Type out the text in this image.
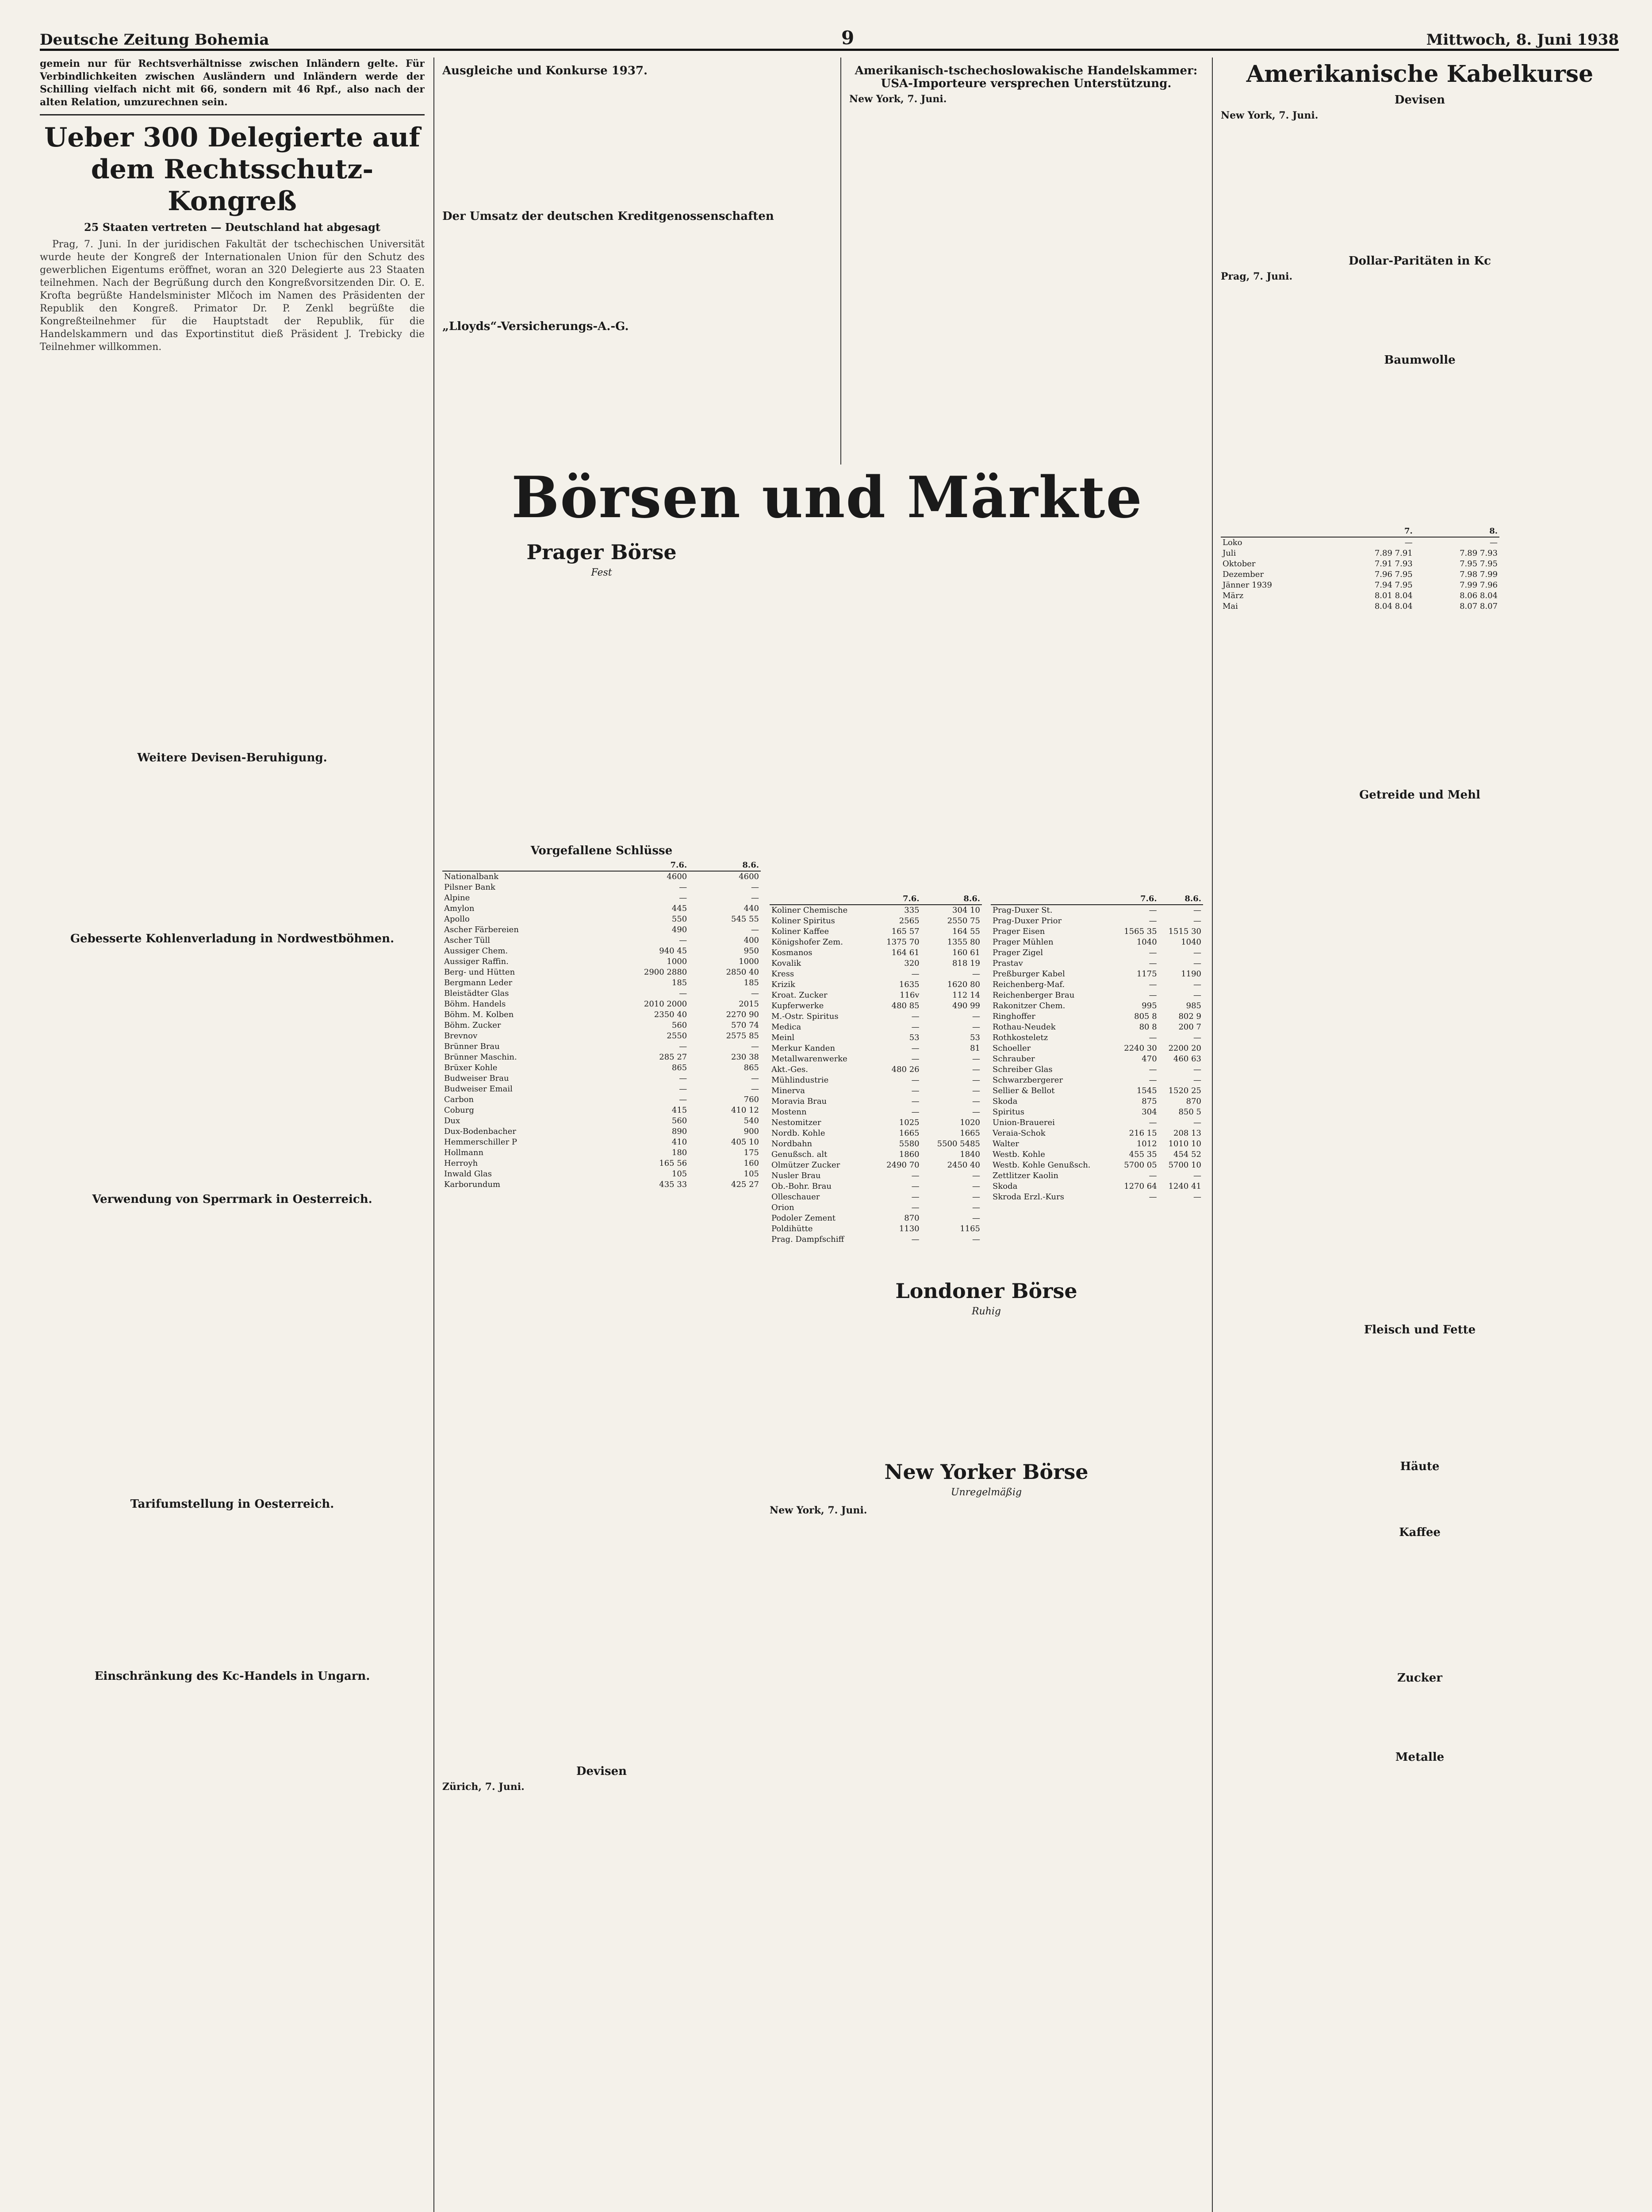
Deutsche Zeitung Bohemia	9	Mittwoch, 8. Juni 1938
gemein nur für Rechtsverhältnisse zwischen Inländern gelte. Für Verbindlichkeiten zwischen Ausländern und Inländern werde der Schilling vielfach nicht mit 66, sondern mit 46 Rpf., also nach der alten Relation, umzurechnen sein.
Ueber 300 Delegierte auf dem Rechtsschutz-Kongreß
25 Staaten vertreten — Deutschland hat abgesagt

Prag, 7. Juni. In der juridischen Fakultät der tschechischen Universität wurde heute der Kongreß der Internationalen Union für den Schutz des gewerblichen Eigentums eröffnet, woran an 320 Delegierte aus 23 Staaten teilnehmen. Nach der Begrüßung durch den Kongreßvorsitzenden Dir. O. E. Krofta begrüßte Handelsminister Mlčoch im Namen des Präsidenten der Republik den Kongreß. Primator Dr. P. Zenkl begrüßte die Kongreßteilnehmer für die Hauptstadt der Republik, für die Handelskammern und das Exportinstitut dieß Präsident J. Trebicky die Teilnehmer willkommen.

Weitere Devisen-Beruhigung.
Gebesserte Kohlenverladung in Nordwestböhmen.
Verwendung von Sperrmark in Oesterreich.
Tarifumstellung in Oesterreich.
Einschränkung des Kc-Handels in Ungarn.
Ausgleiche und Konkurse 1937.
Der Umsatz der deutschen Kreditgenossenschaften
„Lloyds“-Versicherungs-A.-G.
Amerikanisch-tschechoslowakische Handelskammer: USA-Importeure versprechen Unterstützung.
New York, 7. Juni.
Börsen und Märkte
Prager Börse
Fest
Vorgefallene Schlüsse
	7.6.	8.6.
Nationalbank	4600	4600
Pilsner Bank	—	—
Alpine	—	—
Amylon	445	440
Apollo	550	545 55
Ascher Färbereien	490	—
Ascher Tüll	—	400
Aussiger Chem.	940 45	950
Aussiger Raffin.	1000	1000
Berg- und Hütten	2900 2880	2850 40
Bergmann Leder	185	185
Bleistädter Glas	—	—
Böhm. Handels	2010 2000	2015
Böhm. M. Kolben	2350 40	2270 90
Böhm. Zucker	560	570 74
Brevnov	2550	2575 85
Brünner Brau	—	—
Brünner Maschin.	285 27	230 38
Brüxer Kohle	865	865
Budweiser Brau	—	—
Budweiser Email	—	—
Carbon	—	760
Coburg	415	410 12
Dux	560	540
Dux-Bodenbacher	890	900
Hemmerschiller P	410	405 10
Hollmann	180	175
Herroyh	165 56	160
Inwald Glas	105	105
Karborundum	435 33	425 27
Devisen
Zürich, 7. Juni.
	7.6.	8.6.
Koliner Chemische	335	304 10
Koliner Spiritus	2565	2550 75
Koliner Kaffee	165 57	164 55
Königshofer Zem.	1375 70	1355 80
Kosmanos	164 61	160 61
Kovalik	320	818 19
Kress	—	—
Krizik	1635	1620 80
Kroat. Zucker	116v	112 14
Kupferwerke	480 85	490 99
M.-Ostr. Spiritus	—	—
Medica	—	—
Meinl	53	53
Merkur Kanden	—	81
Metallwarenwerke	—	—
Akt.-Ges.	480 26	—
Mühlindustrie	—	—
Minerva	—	—
Moravia Brau	—	—
Mostenn	—	—
Nestomitzer	1025	1020
Nordb. Kohle	1665	1665
Nordbahn	5580	5500 5485
Genußsch. alt	1860	1840
Olmützer Zucker	2490 70	2450 40
Nusler Brau	—	—
Ob.-Bohr. Brau	—	—
Olleschauer	—	—
Orion	—	—
Podoler Zement	870	—
Poldihütte	1130	1165
Prag. Dampfschiff	—	—
	7.6.	8.6.
Prag-Duxer St.	—	—
Prag-Duxer Prior	—	—
Prager Eisen	1565 35	1515 30
Prager Mühlen	1040	1040
Prager Zigel	—	—
Prastav	—	—
Preßburger Kabel	1175	1190
Reichenberg-Maf.	—	—
Reichenberger Brau	—	—
Rakonitzer Chem.	995	985
Ringhoffer	805 8	802 9
Rothau-Neudek	80 8	200 7
Rothkosteletz	—	—
Schoeller	2240 30	2200 20
Schrauber	470	460 63
Schreiber Glas	—	—
Schwarzbergerer	—	—
Sellier & Bellot	1545	1520 25
Skoda	875	870
Spiritus	304	850 5
Union-Brauerei	—	—
Veraia-Schok	216 15	208 13
Walter	1012	1010 10
Westb. Kohle	455 35	454 52
Westb. Kohle Genußsch.	5700 05	5700 10
Zettlitzer Kaolin	—	—
Skoda	1270 64	1240 41
Skroda Erzl.-Kurs	—	—
Londoner Börse
Ruhig
New Yorker Börse
Unregelmäßig
New York, 7. Juni.
Amerikanische Kabelkurse
Devisen
New York, 7. Juni.
Dollar-Paritäten in Kc
Prag, 7. Juni.
Baumwolle
	7.	8.
Loko	—	—
Juli	7.89 7.91	7.89 7.93
Oktober	7.91 7.93	7.95 7.95
Dezember	7.96 7.95	7.98 7.99
Jänner 1939	7.94 7.95	7.99 7.96
März	8.01 8.04	8.06 8.04
Mai	8.04 8.04	8.07 8.07
Getreide und Mehl
Fleisch und Fette
Häute
Kaffee
Zucker
Metalle
